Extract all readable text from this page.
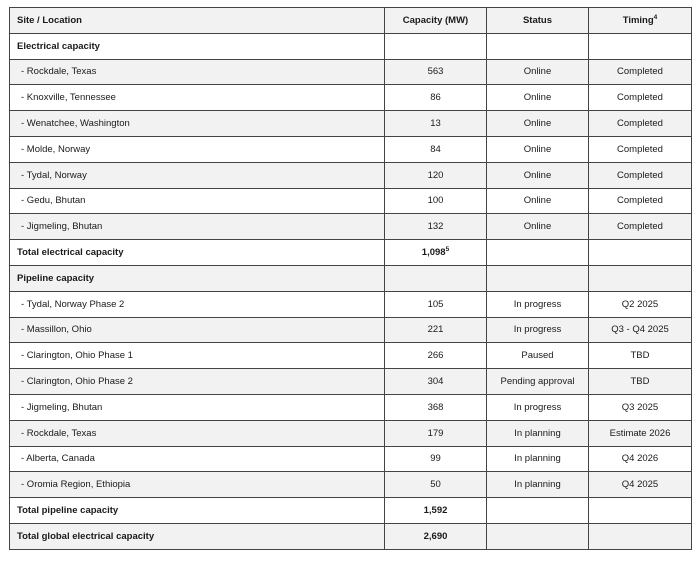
Site / Location	Capacity (MW)	Status	Timing$^4$
Electrical capacity			
- Rockdale, Texas	563	Online	Completed
- Knoxville, Tennessee	86	Online	Completed
- Wenatchee, Washington	13	Online	Completed
- Molde, Norway	84	Online	Completed
- Tydal, Norway	120	Online	Completed
- Gedu, Bhutan	100	Online	Completed
- Jigmeling, Bhutan	132	Online	Completed
Total electrical capacity	1,098$^5$		
Pipeline capacity			
- Tydal, Norway Phase 2	105	In progress	Q2 2025
- Massillon, Ohio	221	In progress	Q3 - Q4 2025
- Clarington, Ohio Phase 1	266	Paused	TBD
- Clarington, Ohio Phase 2	304	Pending approval	TBD
- Jigmeling, Bhutan	368	In progress	Q3 2025
- Rockdale, Texas	179	In planning	Estimate 2026
- Alberta, Canada	99	In planning	Q4 2026
- Oromia Region, Ethiopia	50	In planning	Q4 2025
Total pipeline capacity	1,592		
Total global electrical capacity	2,690		
